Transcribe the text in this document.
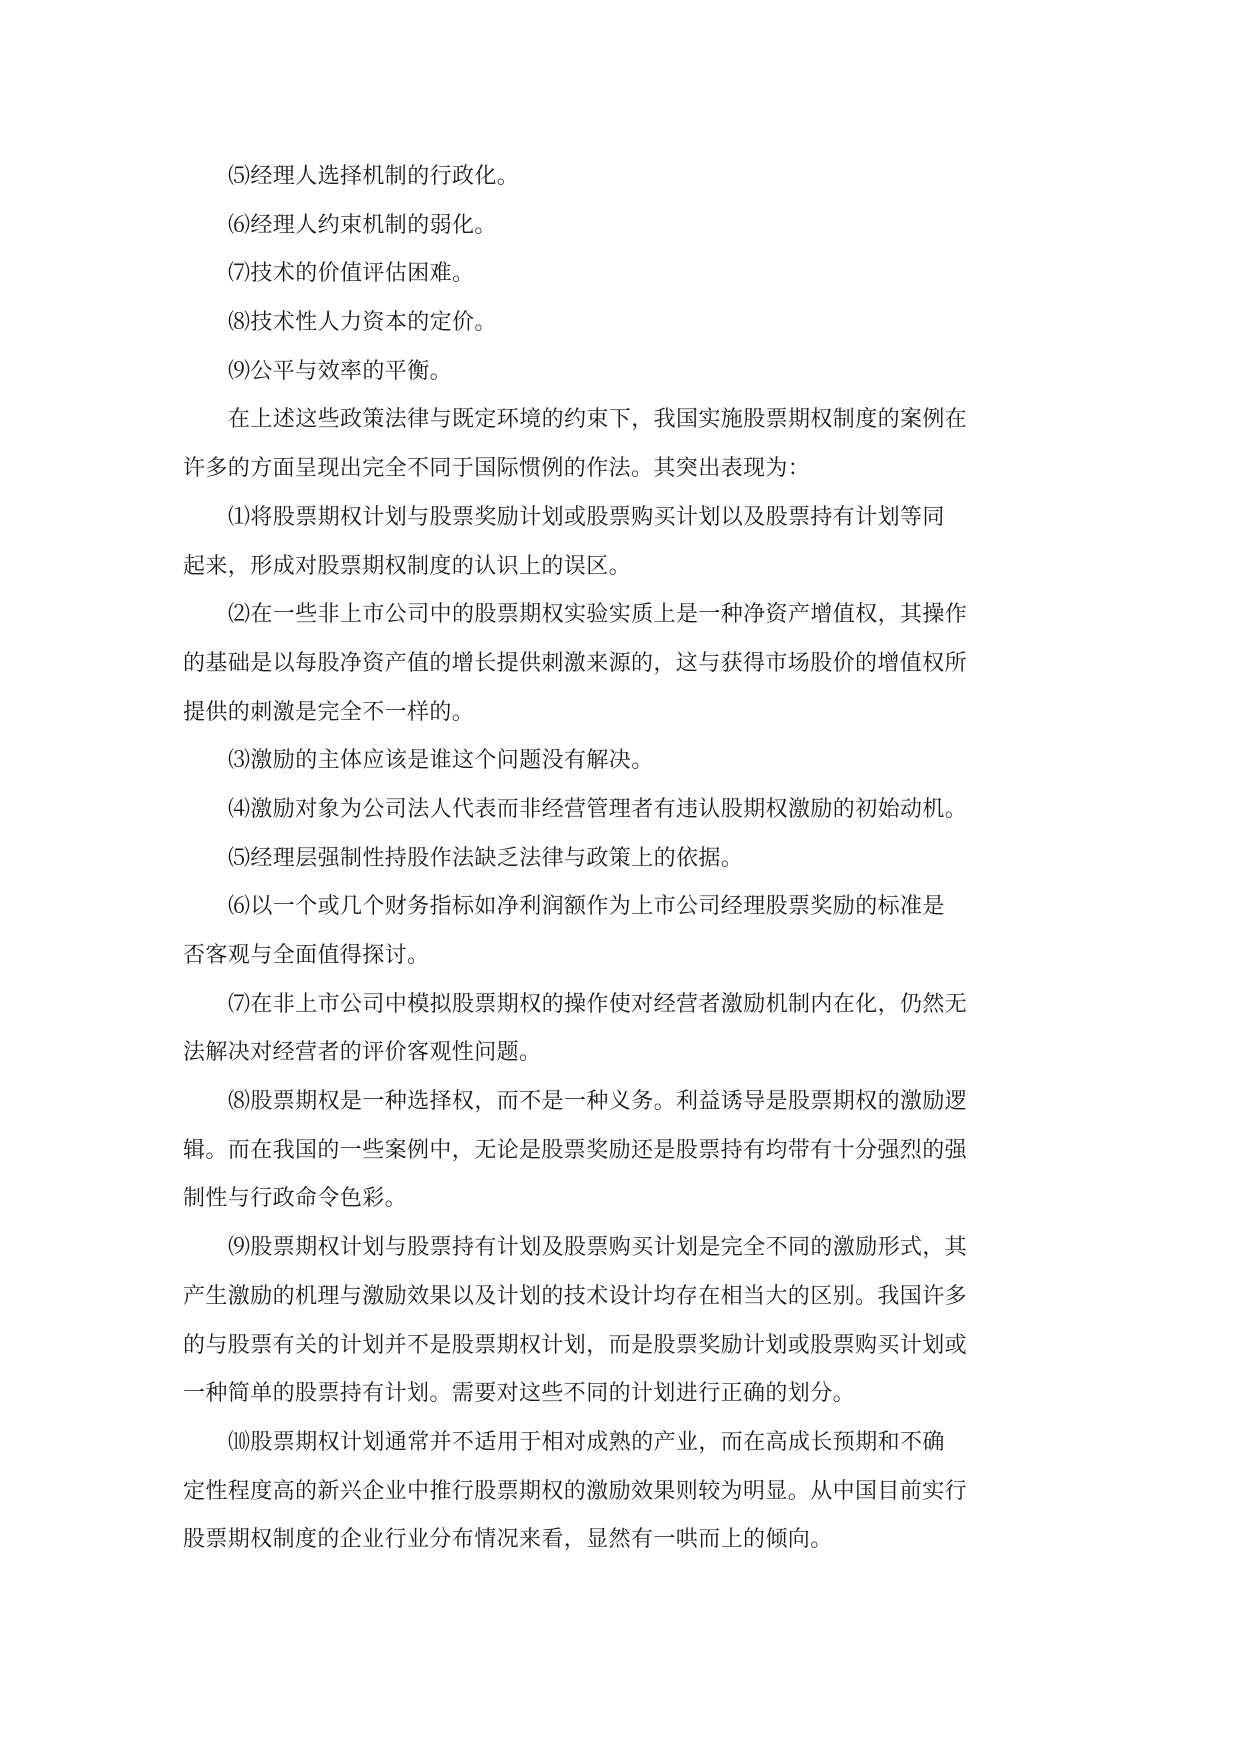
⑸经理人选择机制的行政化。
⑹经理人约束机制的弱化。
⑺技术的价值评估困难。
⑻技术性人力资本的定价。
⑼公平与效率的平衡。
在上述这些政策法律与既定环境的约束下，我国实施股票期权制度的案例在
许多的方面呈现出完全不同于国际惯例的作法。其突出表现为：
⑴将股票期权计划与股票奖励计划或股票购买计划以及股票持有计划等同
起来，形成对股票期权制度的认识上的误区。
⑵在一些非上市公司中的股票期权实验实质上是一种净资产增值权，其操作
的基础是以每股净资产值的增长提供刺激来源的，这与获得市场股价的增值权所
提供的刺激是完全不一样的。
⑶激励的主体应该是谁这个问题没有解决。
⑷激励对象为公司法人代表而非经营管理者有违认股期权激励的初始动机。
⑸经理层强制性持股作法缺乏法律与政策上的依据。
⑹以一个或几个财务指标如净利润额作为上市公司经理股票奖励的标准是
否客观与全面值得探讨。
⑺在非上市公司中模拟股票期权的操作使对经营者激励机制内在化，仍然无
法解决对经营者的评价客观性问题。
⑻股票期权是一种选择权，而不是一种义务。利益诱导是股票期权的激励逻
辑。而在我国的一些案例中，无论是股票奖励还是股票持有均带有十分强烈的强
制性与行政命令色彩。
⑼股票期权计划与股票持有计划及股票购买计划是完全不同的激励形式，其
产生激励的机理与激励效果以及计划的技术设计均存在相当大的区别。我国许多
的与股票有关的计划并不是股票期权计划，而是股票奖励计划或股票购买计划或
一种简单的股票持有计划。需要对这些不同的计划进行正确的划分。
⑽股票期权计划通常并不适用于相对成熟的产业，而在高成长预期和不确
定性程度高的新兴企业中推行股票期权的激励效果则较为明显。从中国目前实行
股票期权制度的企业行业分布情况来看，显然有一哄而上的倾向。
